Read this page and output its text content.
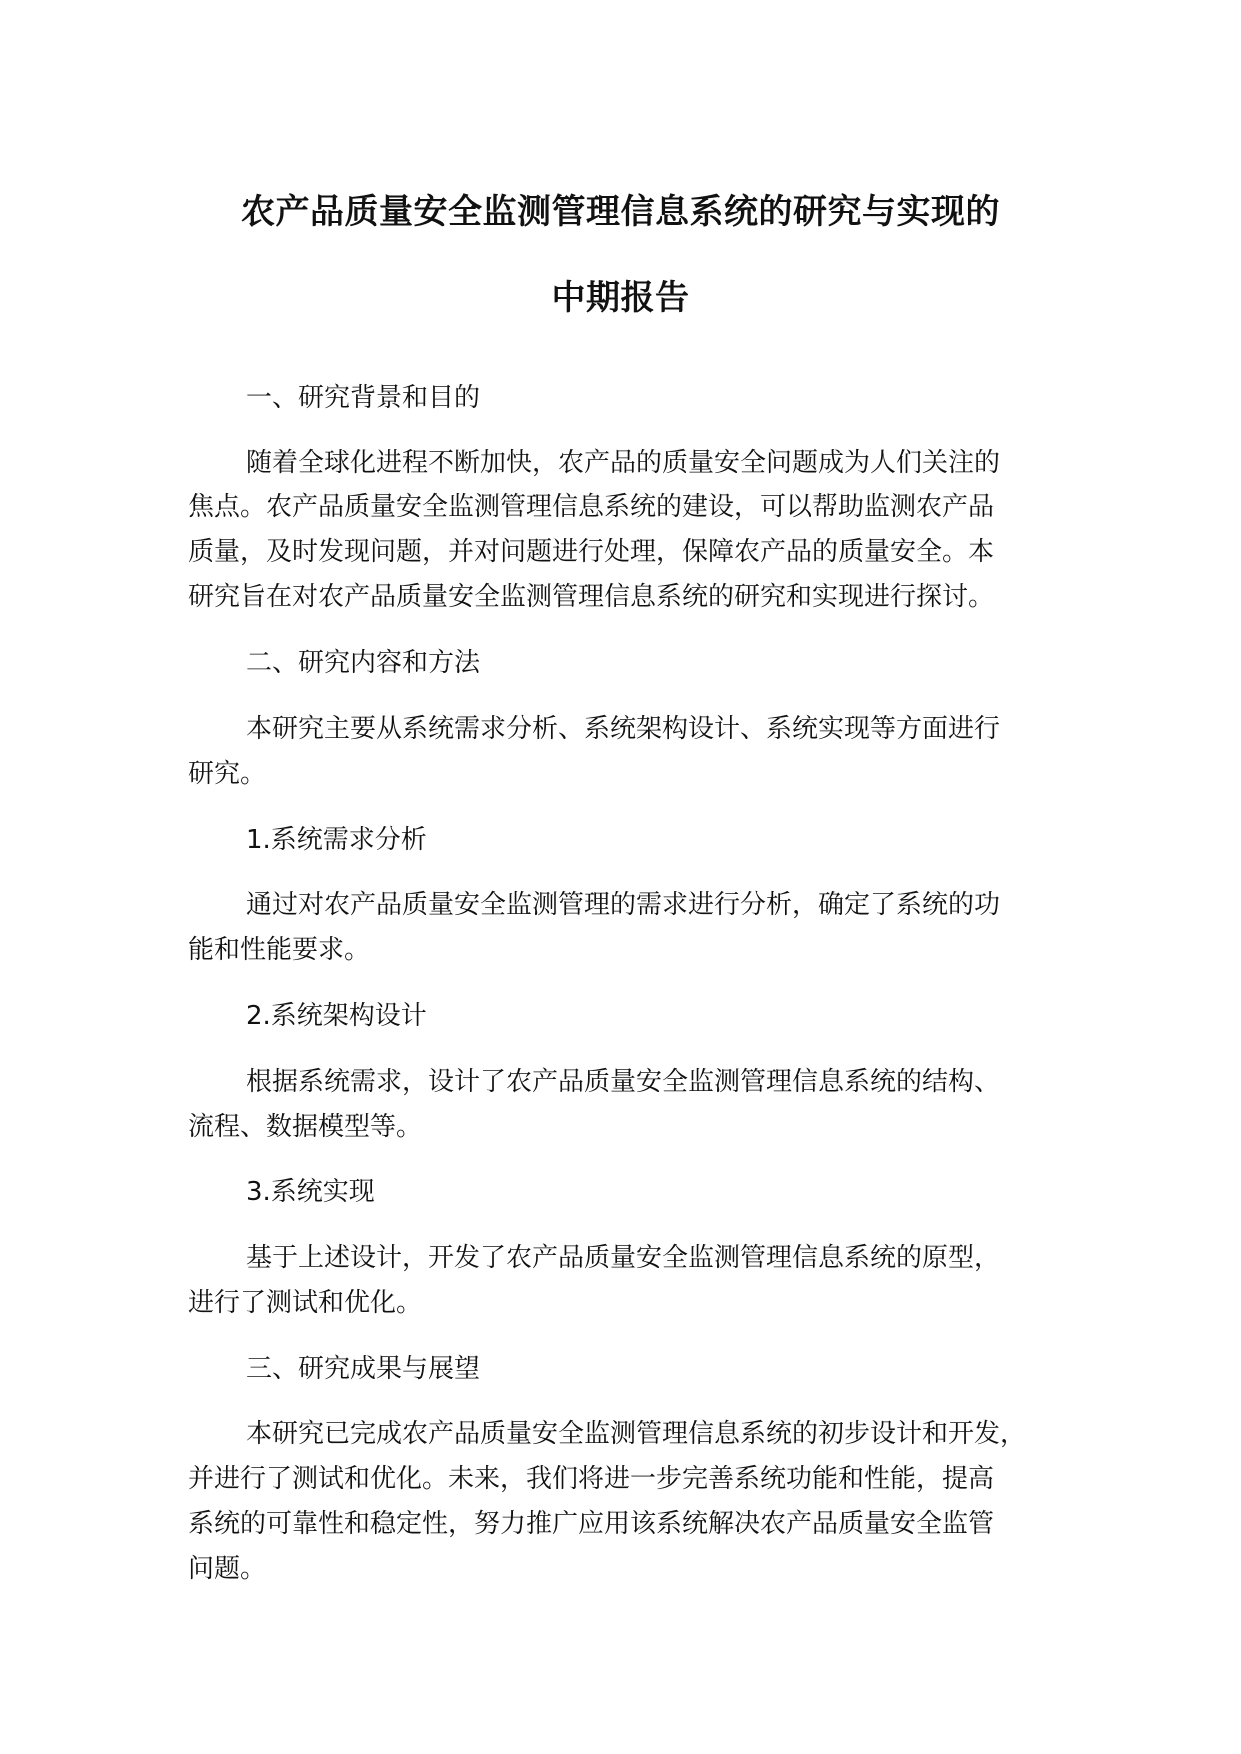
农产品质量安全监测管理信息系统的研究与实现的
中期报告
一、研究背景和目的
随着全球化进程不断加快，农产品的质量安全问题成为人们关注的
焦点。农产品质量安全监测管理信息系统的建设，可以帮助监测农产品
质量，及时发现问题，并对问题进行处理，保障农产品的质量安全。本
研究旨在对农产品质量安全监测管理信息系统的研究和实现进行探讨。
二、研究内容和方法
本研究主要从系统需求分析、系统架构设计、系统实现等方面进行
研究。
1.系统需求分析
通过对农产品质量安全监测管理的需求进行分析，确定了系统的功
能和性能要求。
2.系统架构设计
根据系统需求，设计了农产品质量安全监测管理信息系统的结构、
流程、数据模型等。
3.系统实现
基于上述设计，开发了农产品质量安全监测管理信息系统的原型，
进行了测试和优化。
三、研究成果与展望
本研究已完成农产品质量安全监测管理信息系统的初步设计和开发，
并进行了测试和优化。未来，我们将进一步完善系统功能和性能，提高
系统的可靠性和稳定性，努力推广应用该系统解决农产品质量安全监管
问题。
